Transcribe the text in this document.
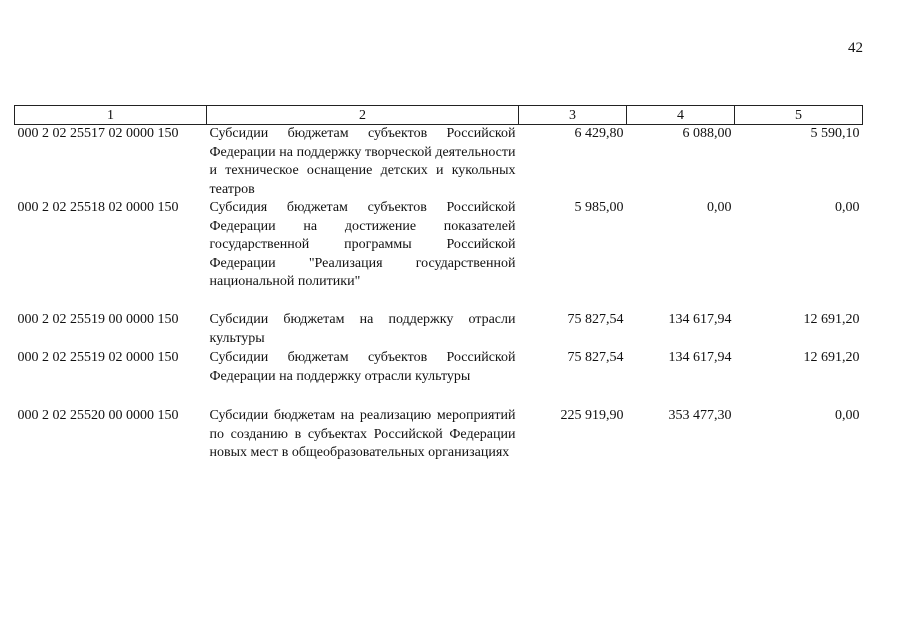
42
1	2	3	4	5
000 2 02 25517 02 0000 150	Субсидии бюджетам субъектов Российской Федерации на поддержку творческой деятельности и техническое оснащение детских и кукольных театров	6 429,80	6 088,00	5 590,10
000 2 02 25518 02 0000 150	Субсидия бюджетам субъектов Российской Федерации на достижение показателей государственной программы Российской Федерации "Реализация государственной национальной политики"	5 985,00	0,00	0,00
000 2 02 25519 00 0000 150	Субсидии бюджетам на поддержку отрасли культуры	75 827,54	134 617,94	12 691,20
000 2 02 25519 02 0000 150	Субсидии бюджетам субъектов Российской Федерации на поддержку отрасли культуры	75 827,54	134 617,94	12 691,20
000 2 02 25520 00 0000 150	Субсидии бюджетам на реализацию мероприятий по созданию в субъектах Российской Федерации новых мест в общеобразовательных организациях	225 919,90	353 477,30	0,00
